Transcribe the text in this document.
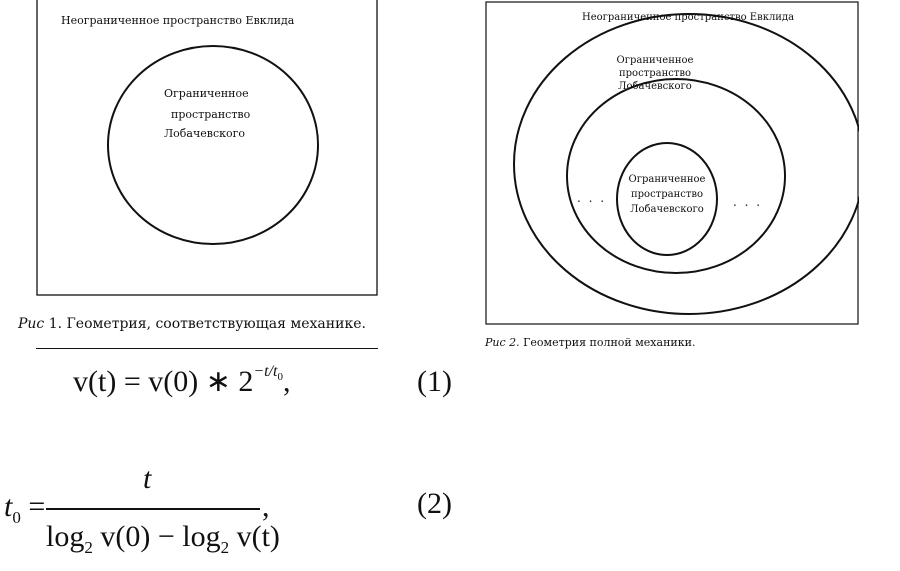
Неограниченное пространство Евклида
Ограниченное
пространство
Лобачевского
Рис 1. Геометрия, соответствующая механике.
Неограниченное пространство Евклида
Ограниченное
пространство
Лобачевского
Ограниченное
пространство
Лобачевского
. . .	. . .
Рис 2. Геометрия полной механики.
v(t) = v(0) ∗ $2^{-t/t_0}$,	(1)
$t_0$ =
t
$\log_2 v(0) - \log_2 v(t)$
,	(2)
